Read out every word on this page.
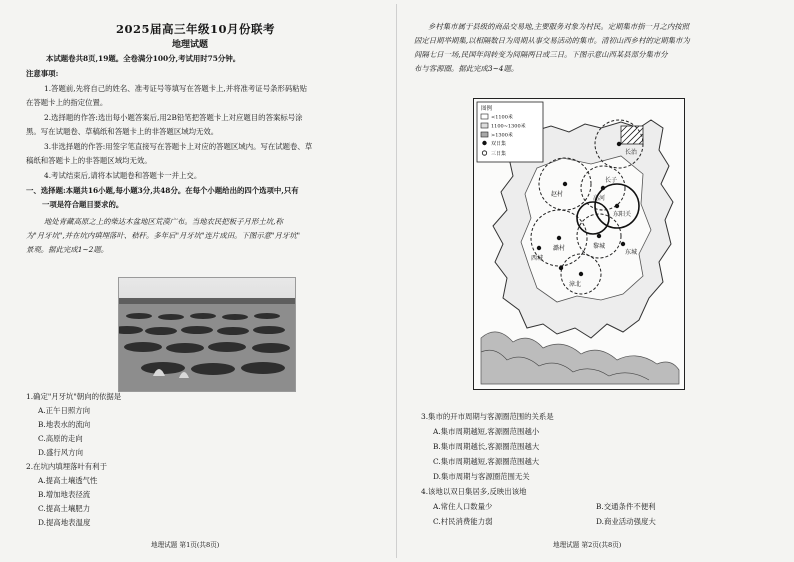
2025届高三年级10月份联考
地理试题
本试题卷共8页,19题。全卷满分100分,考试用时75分钟。
注意事项:
1.答题前,先将自己的姓名、准考证号等填写在答题卡上,并将准考证号条形码粘贴
在答题卡上的指定位置。
2.选择题的作答:选出每小题答案后,用2B铅笔把答题卡上对应题目的答案标号涂
黑。写在试题卷、草稿纸和答题卡上的非答题区域均无效。
3.非选择题的作答:用签字笔直接写在答题卡上对应的答题区域内。写在试题卷、草
稿纸和答题卡上的非答题区域均无效。
4.考试结束后,请将本试题卷和答题卡一并上交。
一、选择题:本题共16小题,每小题3分,共48分。在每个小题给出的四个选项中,只有
一项是符合题目要求的。
地处青藏高原之上的柴达木盆地区荒漠广布。当地农民把板子月形土坑,称
为"月牙坑",并在坑内填埋落叶、秸秆。多年后"月牙坑"连片成田。下图示意"月牙坑"
景观。据此完成1~2题。
1.确定"月牙坑"朝向的依据是
A.正午日照方向
B.地表水的流向
C.高原的走向
D.盛行风方向
2.在坑内填埋落叶有利于
A.提高土壤透气性
B.增加地表径流
C.提高土壤肥力
D.提高地表温度
地理试题 第1页(共8页)
乡村集市属于县级的商品交易地,主要服务对象为村民。定期集市指一月之内按照
固定日期举期集,以相隔数日为周期从事交易活动的集市。清初山西乡村的定期集市为
间隔七日一场,民国年间转变为间隔两日或三日。下图示意山西某县部分集市分
布与客源圈。据此完成3~4题。
长治
赵村
高河
长子
东阳关
潞村	黎城
东城
西城
漳北
图例
<1100米
1100~1300米
>1300米
双日集
三日集
3.集市的开市周期与客源圈范围的关系是
A.集市周期越短,客源圈范围越小
B.集市周期越长,客源圈范围越大
C.集市周期越短,客源圈范围越大
D.集市周期与客源圈范围无关
4.该地以双日集居多,反映出该地
A.常住人口数量少	B.交通条件不便利
C.村民消费能力弱	D.商业活动强度大
地理试题 第2页(共8页)
